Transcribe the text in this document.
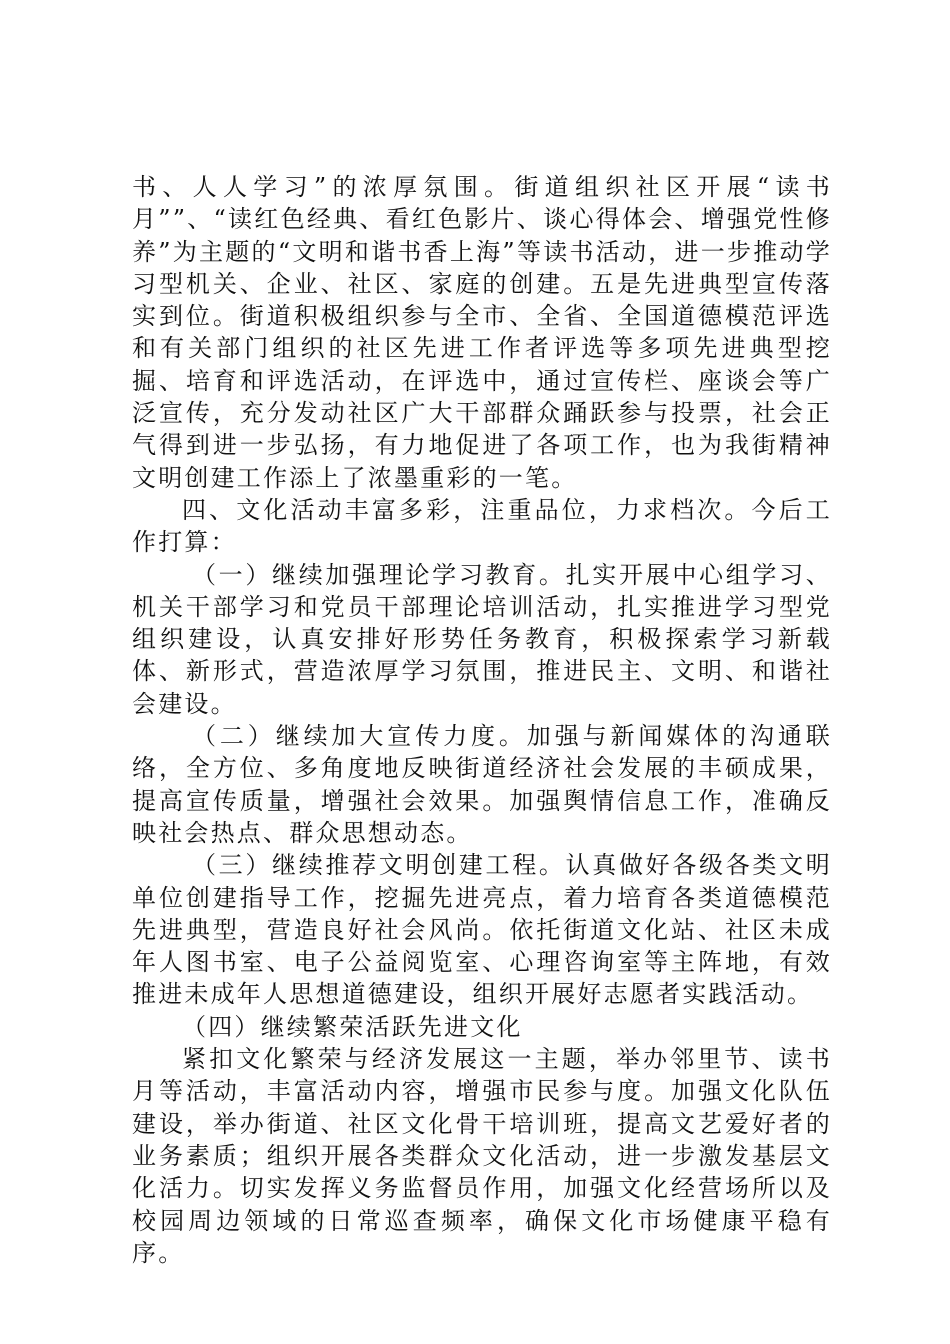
书、人人学习”的浓厚氛围。街道组织社区开展“读书月””、“读红色经典、看红色影片、谈心得体会、增强党性修养”为主题的“文明和谐书香上海”等读书活动，进一步推动学习型机关、企业、社区、家庭的创建。五是先进典型宣传落实到位。街道积极组织参与全市、全省、全国道德模范评选和有关部门组织的社区先进工作者评选等多项先进典型挖掘、培育和评选活动，在评选中，通过宣传栏、座谈会等广泛宣传，充分发动社区广大干部群众踊跃参与投票，社会正气得到进一步弘扬，有力地促进了各项工作，也为我街精神文明创建工作添上了浓墨重彩的一笔。

四、文化活动丰富多彩，注重品位，力求档次。今后工作打算：

（一）继续加强理论学习教育。扎实开展中心组学习、机关干部学习和党员干部理论培训活动，扎实推进学习型党组织建设，认真安排好形势任务教育，积极探索学习新载体、新形式，营造浓厚学习氛围，推进民主、文明、和谐社会建设。

（二）继续加大宣传力度。加强与新闻媒体的沟通联络，全方位、多角度地反映街道经济社会发展的丰硕成果，提高宣传质量，增强社会效果。加强舆情信息工作，准确反映社会热点、群众思想动态。

（三）继续推荐文明创建工程。认真做好各级各类文明单位创建指导工作，挖掘先进亮点，着力培育各类道德模范先进典型，营造良好社会风尚。依托街道文化站、社区未成年人图书室、电子公益阅览室、心理咨询室等主阵地，有效推进未成年人思想道德建设，组织开展好志愿者实践活动。

（四）继续繁荣活跃先进文化

紧扣文化繁荣与经济发展这一主题，举办邻里节、读书月等活动，丰富活动内容，增强市民参与度。加强文化队伍建设，举办街道、社区文化骨干培训班，提高文艺爱好者的业务素质；组织开展各类群众文化活动，进一步激发基层文化活力。切实发挥义务监督员作用，加强文化经营场所以及校园周边领域的日常巡查频率，确保文化市场健康平稳有序。
